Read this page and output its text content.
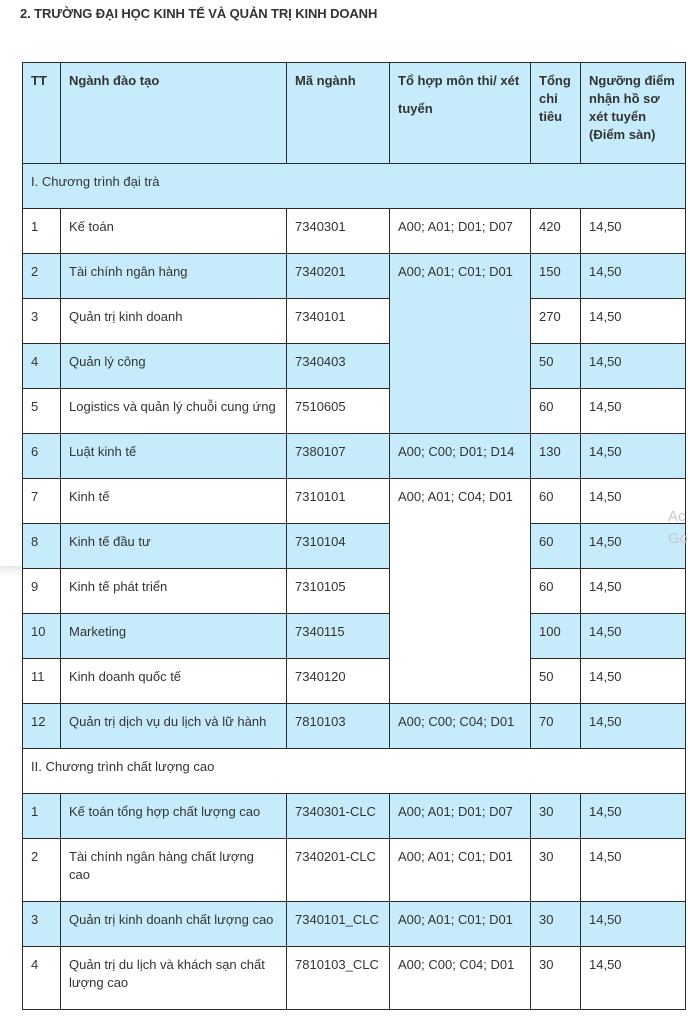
2. TRƯỜNG ĐẠI HỌC KINH TẾ VÀ QUẢN TRỊ KINH DOANH
TT	Ngành đào tạo	Mã ngành	Tổ hợp môn thi/ xét tuyển	Tổng chỉ tiêu	Ngưỡng điểm nhận hồ sơ xét tuyển (Điểm sàn)
I. Chương trình đại trà					
1	Kế toán	7340301	A00; A01; D01; D07	420	14,50
2	Tài chính ngân hàng	7340201	A00; A01; C01; D01	150	14,50
3	Quản trị kinh doanh	7340101		270	14,50
4	Quản lý công	7340403		50	14,50
5	Logistics và quản lý chuỗi cung ứng	7510605		60	14,50
6	Luật kinh tế	7380107	A00; C00; D01; D14	130	14,50
7	Kinh tế	7310101	A00; A01; C04; D01	60	14,50
8	Kinh tế đầu tư	7310104		60	14,50
9	Kinh tế phát triển	7310105		60	14,50
10	Marketing	7340115		100	14,50
11	Kinh doanh quốc tế	7340120		50	14,50
12	Quản trị dịch vụ du lịch và lữ hành	7810103	A00; C00; C04; D01	70	14,50
II. Chương trình chất lượng cao					
1	Kế toán tổng hợp chất lượng cao	7340301-CLC	A00; A01; D01; D07	30	14,50
2	Tài chính ngân hàng chất lượng cao	7340201-CLC	A00; A01; C01; D01	30	14,50
3	Quản trị kinh doanh chất lượng cao	7340101_CLC	A00; A01; C01; D01	30	14,50
4	Quản trị du lịch và khách sạn chất lượng cao	7810103_CLC	A00; C00; C04; D01	30	14,50
Ac
Go
